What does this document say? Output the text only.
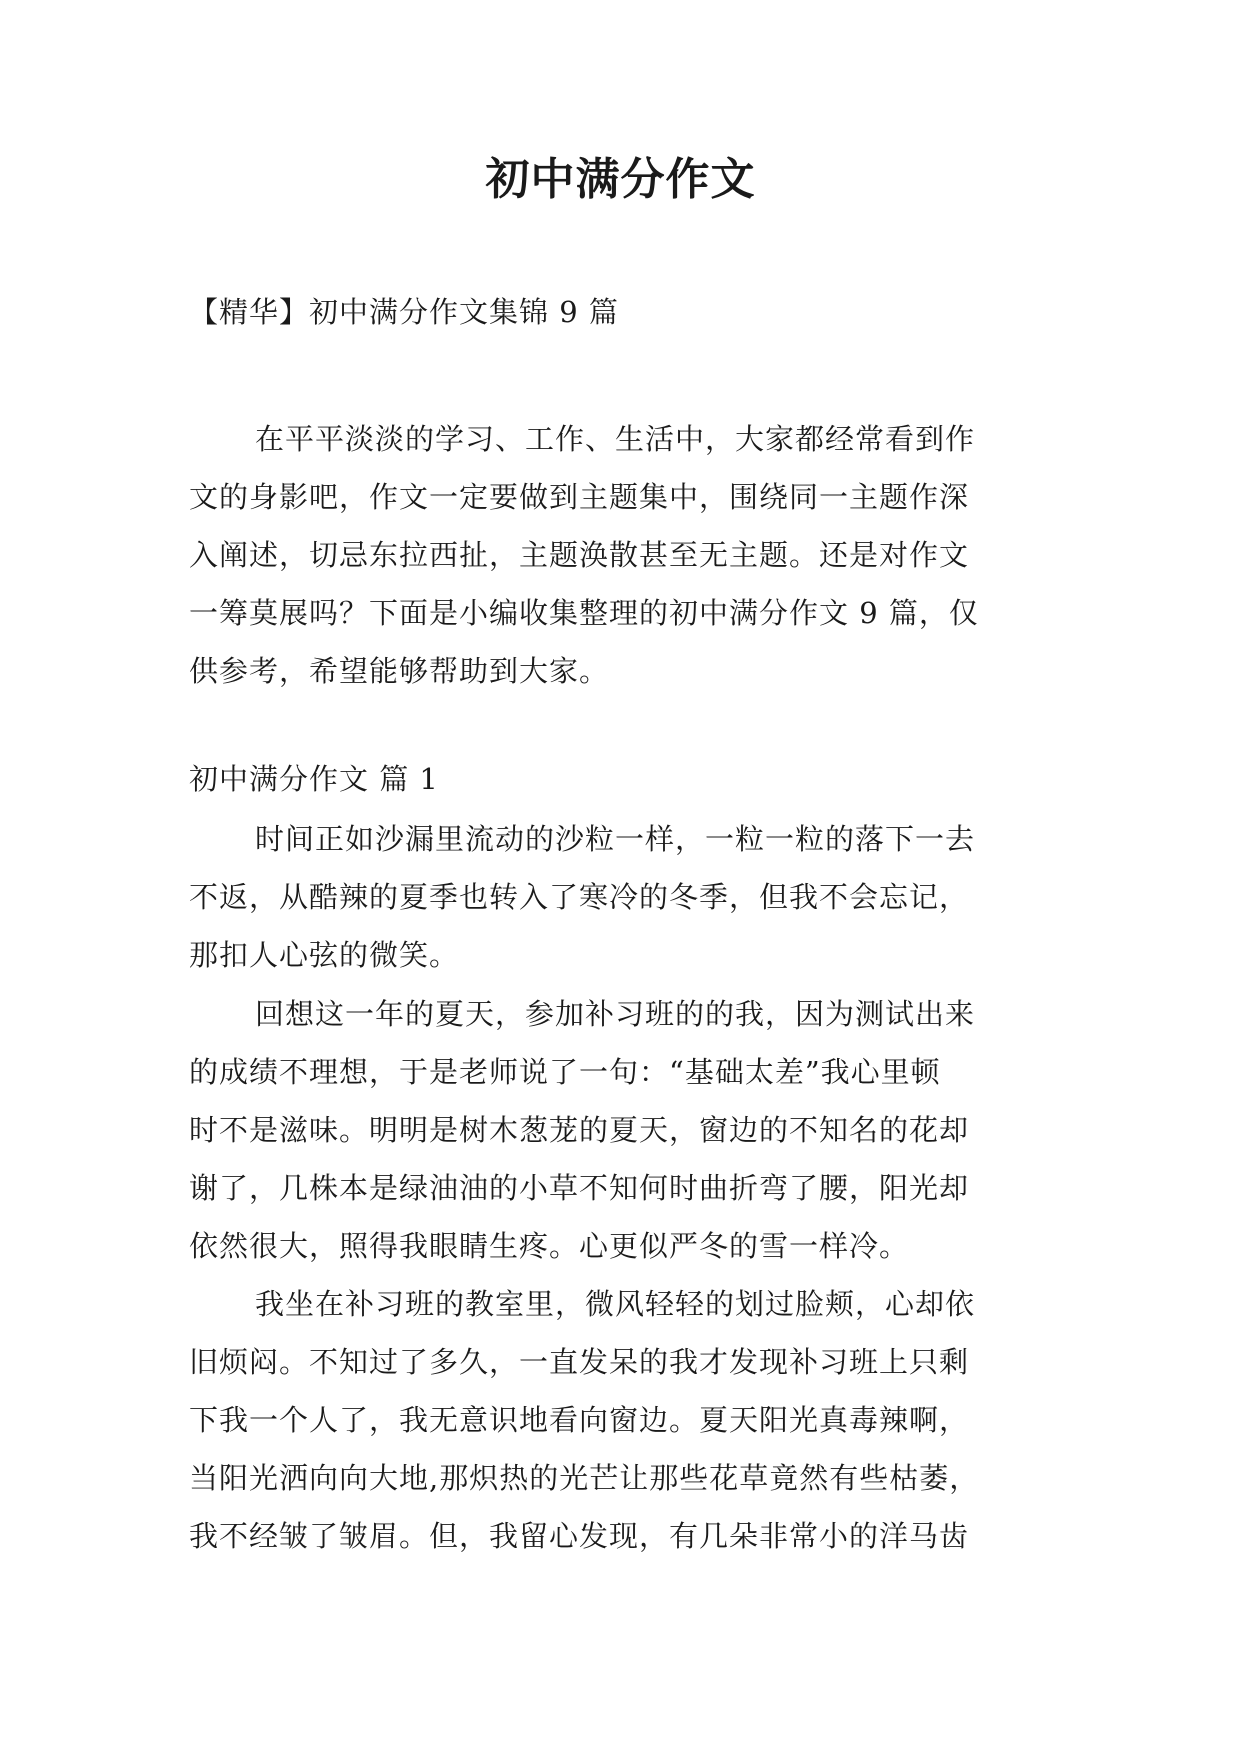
初中满分作文
【精华】初中满分作文集锦 9 篇
在平平淡淡的学习、工作、生活中，大家都经常看到作
文的身影吧，作文一定要做到主题集中，围绕同一主题作深
入阐述，切忌东拉西扯，主题涣散甚至无主题。还是对作文
一筹莫展吗？下面是小编收集整理的初中满分作文 9 篇，仅
供参考，希望能够帮助到大家。
初中满分作文 篇 1
时间正如沙漏里流动的沙粒一样，一粒一粒的落下一去
不返，从酷辣的夏季也转入了寒冷的冬季，但我不会忘记，
那扣人心弦的微笑。
回想这一年的夏天，参加补习班的的我，因为测试出来
的成绩不理想，于是老师说了一句：“基础太差”我心里顿
时不是滋味。明明是树木葱茏的夏天，窗边的不知名的花却
谢了，几株本是绿油油的小草不知何时曲折弯了腰，阳光却
依然很大，照得我眼睛生疼。心更似严冬的雪一样冷。
我坐在补习班的教室里，微风轻轻的划过脸颊，心却依
旧烦闷。不知过了多久，一直发呆的我才发现补习班上只剩
下我一个人了，我无意识地看向窗边。夏天阳光真毒辣啊，
当阳光洒向向大地,那炽热的光芒让那些花草竟然有些枯萎，
我不经皱了皱眉。但，我留心发现，有几朵非常小的洋马齿
